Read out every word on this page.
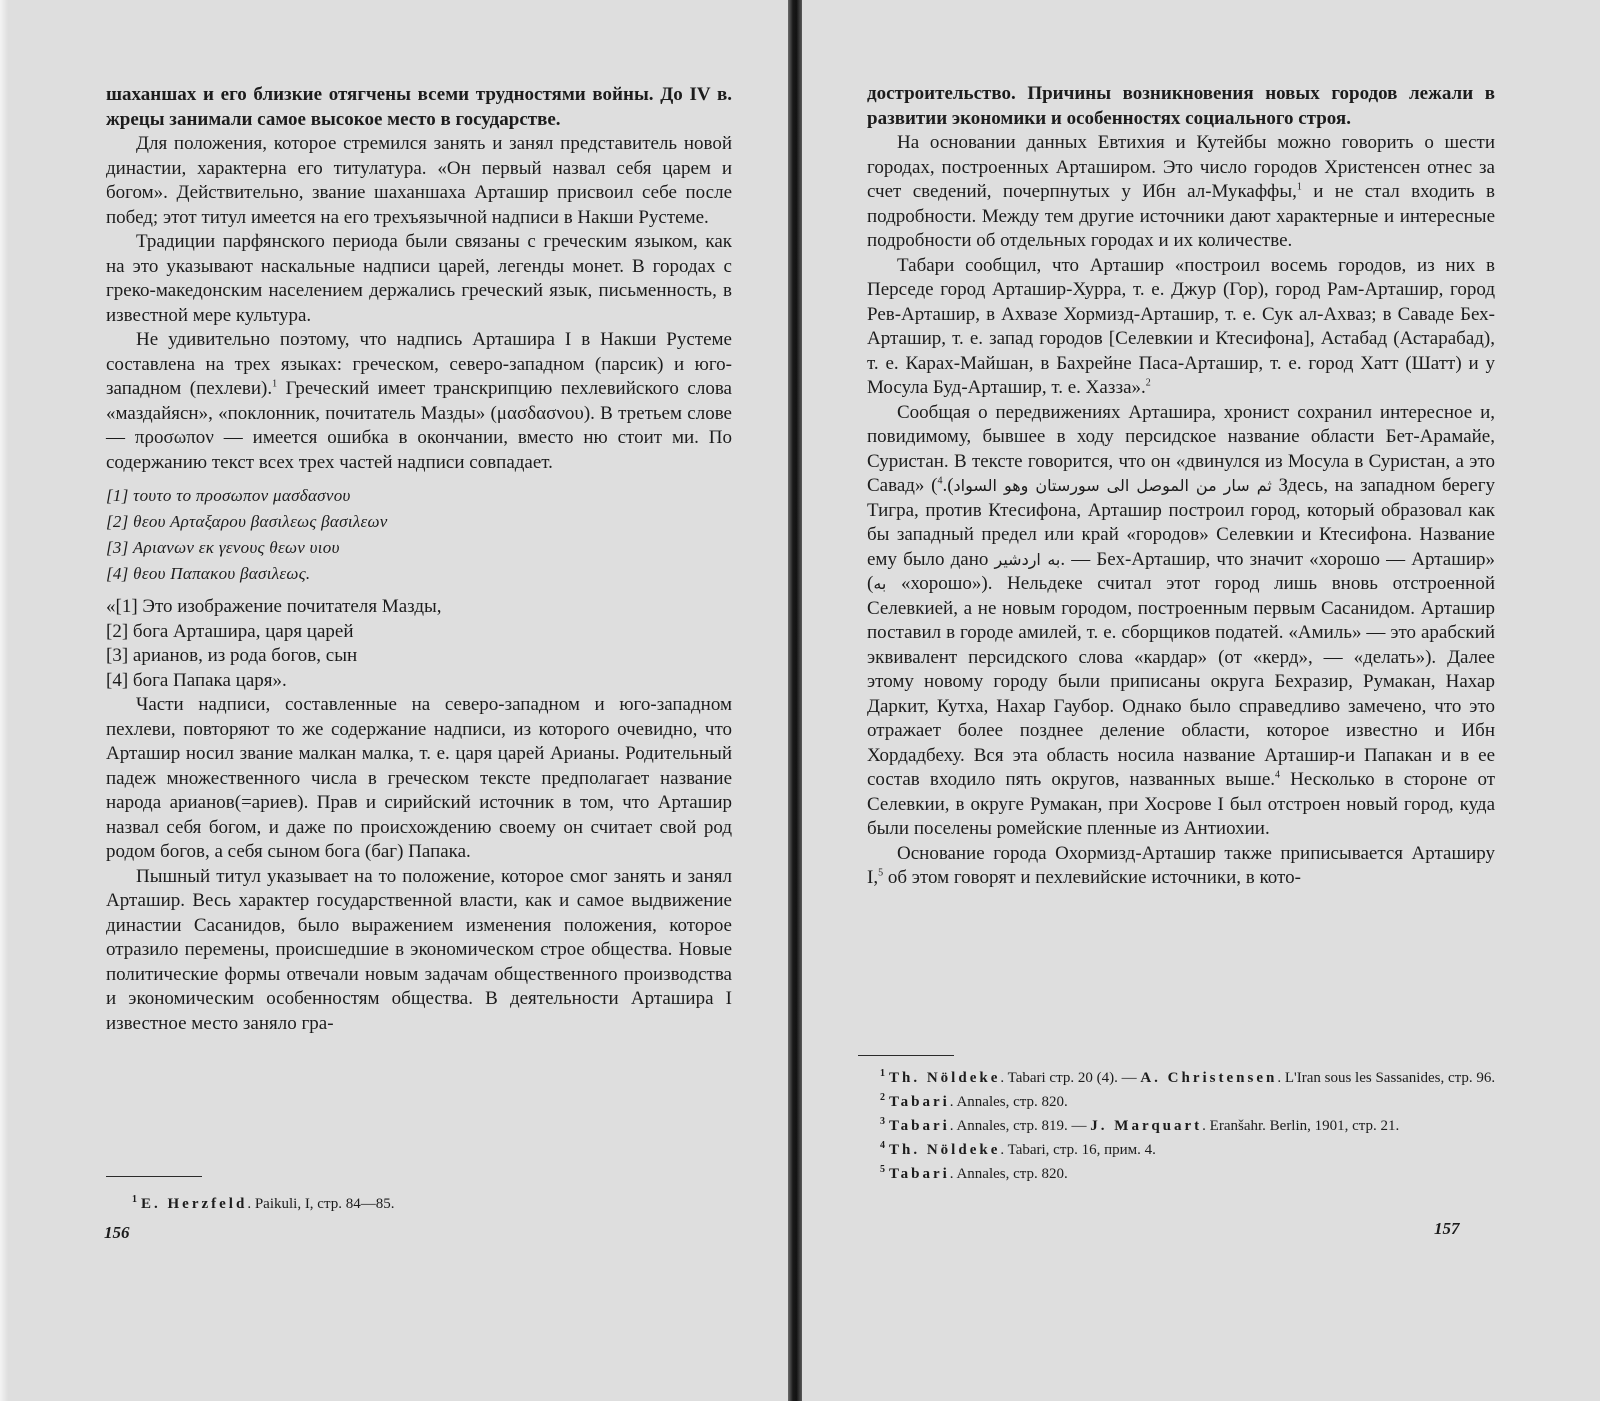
шаханшах и его близкие отягчены всеми трудностями войны. До IV в. жрецы занимали самое высокое место в государстве.

Для положения, которое стремился занять и занял представитель новой династии, характерна его титулатура. «Он первый назвал себя царем и богом». Действительно, звание шаханшаха Арташир присвоил себе после побед; этот титул имеется на его трехъязычной надписи в Накши Рустеме.

Традиции парфянского периода были связаны с греческим языком, как на это указывают наскальные надписи царей, легенды монет. В городах с греко-македонским населением держались греческий язык, письменность, в известной мере культура.

Не удивительно поэтому, что надпись Арташира I в Накши Рустеме составлена на трех языках: греческом, северо-западном (парсик) и юго-западном (пехлеви).$^1$ Греческий имеет транскрипцию пехлевийского слова «маздайясн», «поклонник, почитатель Мазды» (μασδασνου). В третьем слове — προσωπον — имеется ошибка в окончании, вместо ню стоит ми. По содержанию текст всех трех частей надписи совпадает.

[1] τουτο το προσωπον μασδασνου
[2] θεου Αρταξαρου βασιλεως βασιλεων
[3] Αριανων εκ γενους θεων υιου
[4] θεου Παπακου βασιλεως.
«[1] Это изображение почитателя Мазды,
[2] бога Арташира, царя царей
[3] арианов, из рода богов, сын
[4] бога Папака царя».

Части надписи, составленные на северо-западном и юго-западном пехлеви, повторяют то же содержание надписи, из которого очевидно, что Арташир носил звание малкан малка, т. е. царя царей Арианы. Родительный падеж множественного числа в греческом тексте предполагает название народа арианов(=ариев). Прав и сирийский источник в том, что Арташир назвал себя богом, и даже по происхождению своему он считает свой род родом богов, а себя сыном бога (баг) Папака.

Пышный титул указывает на то положение, которое смог занять и занял Арташир. Весь характер государственной власти, как и самое выдвижение династии Сасанидов, было выражением изменения положения, которое отразило перемены, происшедшие в экономическом строе общества. Новые политические формы отвечали новым задачам общественного производства и экономическим особенностям общества. В деятельности Арташира I известное место заняло гра-

$^1$ E. Herzfeld. Paikuli, I, стр. 84—85.

156

достроительство. Причины возникновения новых городов лежали в развитии экономики и особенностях социального строя.

На основании данных Евтихия и Кутейбы можно говорить о шести городах, построенных Арташиром. Это число городов Христенсен отнес за счет сведений, почерпнутых у Ибн ал-Мукаффы,$^1$ и не стал входить в подробности. Между тем другие источники дают характерные и интересные подробности об отдельных городах и их количестве.

Табари сообщил, что Арташир «построил восемь городов, из них в Перседе город Арташир-Хурра, т. е. Джур (Гор), город Рам-Арташир, город Рев-Арташир, в Ахвазе Хормизд-Арташир, т. е. Сук ал-Ахваз; в Саваде Бех-Арташир, т. е. запад городов [Селевкии и Ктесифона], Астабад (Астарабад), т. е. Карах-Майшан, в Бахрейне Паса-Арташир, т. е. город Хатт (Шатт) и у Мосула Буд-Арташир, т. е. Хазза».$^2$

Сообщая о передвижениях Арташира, хронист сохранил интересное и, повидимому, бывшее в ходу персидское название области Бет-Арамайе, Суристан. В тексте говорится, что он «двинулся из Мосула в Суристан, а это Савад» ( ثم سار من الموصل الى سورستان وهو السواد).$^4$	Здесь, на западном берегу Тигра, против Ктесифона, Арташир построил город, который образовал как бы западный предел или край «городов» Селевкии и Ктесифона. Название ему было дано به اردشير. — Бех-Арташир, что значит «хорошо — Арташир» (به «хорошо»). Нельдеке считал этот город лишь вновь отстроенной Селевкией, а не новым городом, построенным первым Сасанидом. Арташир поставил в городе амилей, т. е. сборщиков податей. «Амиль» — это арабский эквивалент персидского слова «кардар» (от «керд», — «делать»). Далее этому новому городу были приписаны округа Бехразир, Румакан, Нахар Даркит, Кутха, Нахар Гаубор. Однако было справедливо замечено, что это отражает более позднее деление области, которое известно и Ибн Хордадбеху. Вся эта область носила название Арташир-и Папакан и в ее состав входило пять округов, названных выше.$^4$ Несколько в стороне от Селевкии, в округе Румакан, при Хосрове I был отстроен новый город, куда были поселены ромейские пленные из Антиохии.

Основание города Охормизд-Арташир также приписывается Арташиру I,$^5$ об этом говорят и пехлевийские источники, в кото-

$^1$ Th. Nöldeke. Tabari стр. 20 (4). — A. Christensen. L'Iran sous les Sassanides, стр. 96.

$^2$ Tabari. Annales, стр. 820.

$^3$ Tabari. Annales, стр. 819. — J. Marquart. Eranšahr. Berlin, 1901, стр. 21.

$^4$ Th. Nöldeke. Tabari, стр. 16, прим. 4.

$^5$ Tabari. Annales, стр. 820.

157
